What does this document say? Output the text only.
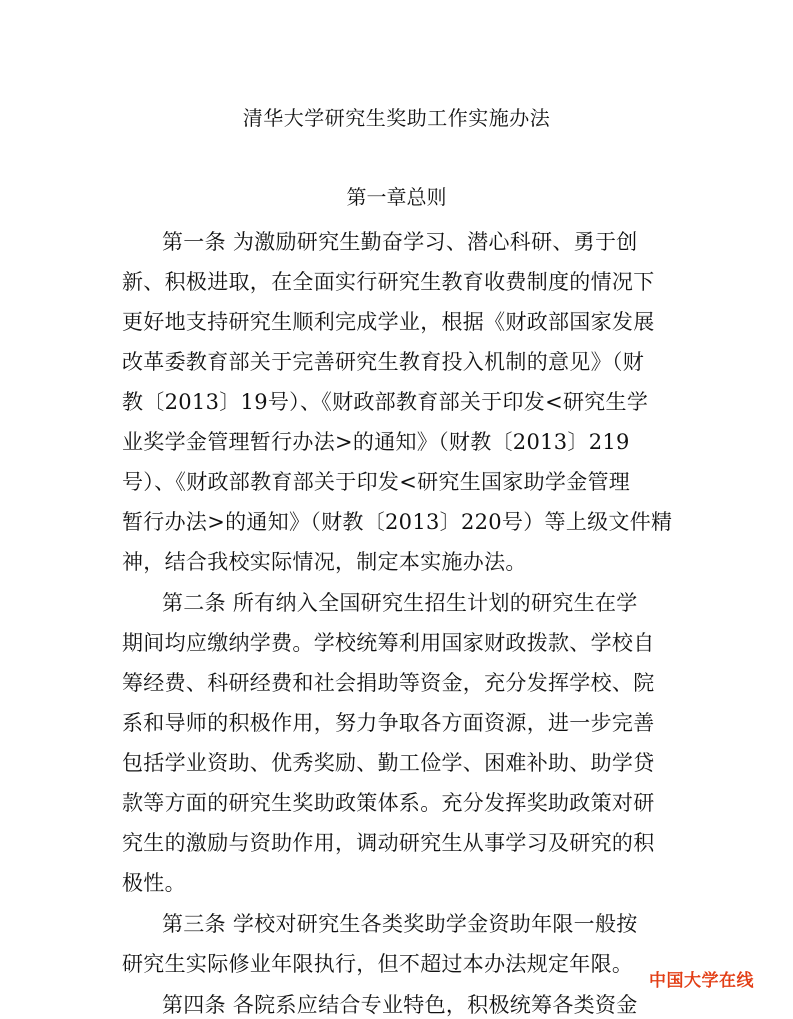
清华大学研究生奖助工作实施办法
第一章总则
第一条 为激励研究生勤奋学习、潜心科研、勇于创
新、积极进取，在全面实行研究生教育收费制度的情况下
更好地支持研究生顺利完成学业，根据《财政部国家发展
改革委教育部关于完善研究生教育投入机制的意见》（财
教〔2013〕19号）、《财政部教育部关于印发<研究生学
业奖学金管理暂行办法>的通知》（财教〔2013〕219
号）、《财政部教育部关于印发<研究生国家助学金管理
暂行办法>的通知》（财教〔2013〕220号）等上级文件精
神，结合我校实际情况，制定本实施办法。
第二条 所有纳入全国研究生招生计划的研究生在学
期间均应缴纳学费。学校统筹利用国家财政拨款、学校自
筹经费、科研经费和社会捐助等资金，充分发挥学校、院
系和导师的积极作用，努力争取各方面资源，进一步完善
包括学业资助、优秀奖励、勤工俭学、困难补助、助学贷
款等方面的研究生奖助政策体系。充分发挥奖助政策对研
究生的激励与资助作用，调动研究生从事学习及研究的积
极性。
第三条 学校对研究生各类奖助学金资助年限一般按
研究生实际修业年限执行，但不超过本办法规定年限。
第四条 各院系应结合专业特色，积极统筹各类资金
中国大学在线
